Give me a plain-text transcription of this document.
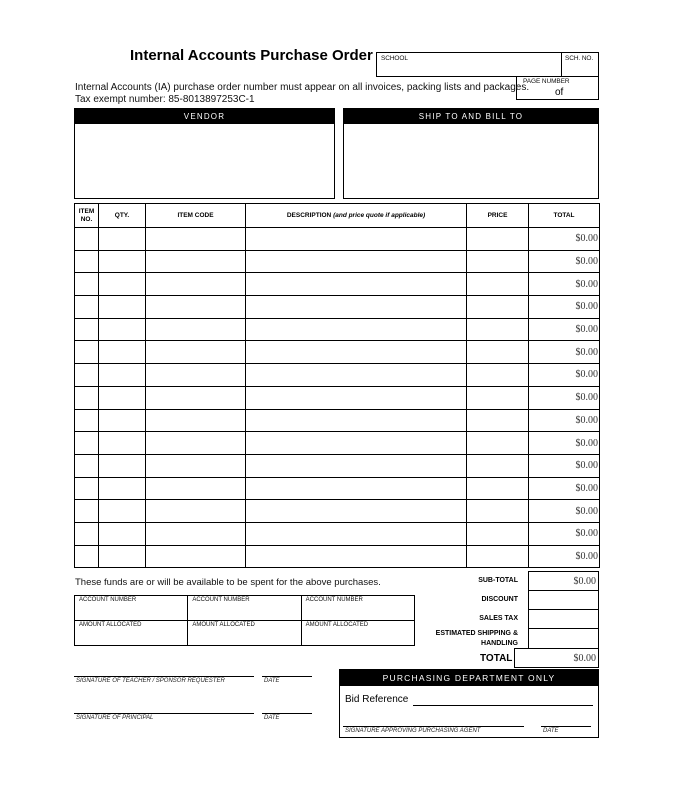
Internal Accounts Purchase Order SCHOOL	SCH. NO.
PAGE NUMBER
of
Internal Accounts (IA) purchase order number must appear on all invoices, packing lists and packages.
Tax exempt number: 85-8013897253C-1
VENDOR	SHIP TO AND BILL TO
ITEM
NO.	QTY.	ITEM CODE	DESCRIPTION (and price quote if applicable)	PRICE	TOTAL
					$0.00
					$0.00
					$0.00
					$0.00
					$0.00
					$0.00
					$0.00
					$0.00
					$0.00
					$0.00
					$0.00
					$0.00
					$0.00
					$0.00
					$0.00
These funds are or will be available to be spent for the above purchases.
ACCOUNT NUMBER	ACCOUNT NUMBER	ACCOUNT NUMBER
AMOUNT ALLOCATED	AMOUNT ALLOCATED	AMOUNT ALLOCATED
SUB-TOTAL	$0.00
DISCOUNT
SALES TAX
ESTIMATED SHIPPING &
HANDLING
TOTAL	$0.00
SIGNATURE OF TEACHER / SPONSOR REQUESTER	DATE
SIGNATURE OF PRINCIPAL	DATE
PURCHASING DEPARTMENT ONLY
Bid Reference
SIGNATURE APPROVING PURCHASING AGENT	DATE
